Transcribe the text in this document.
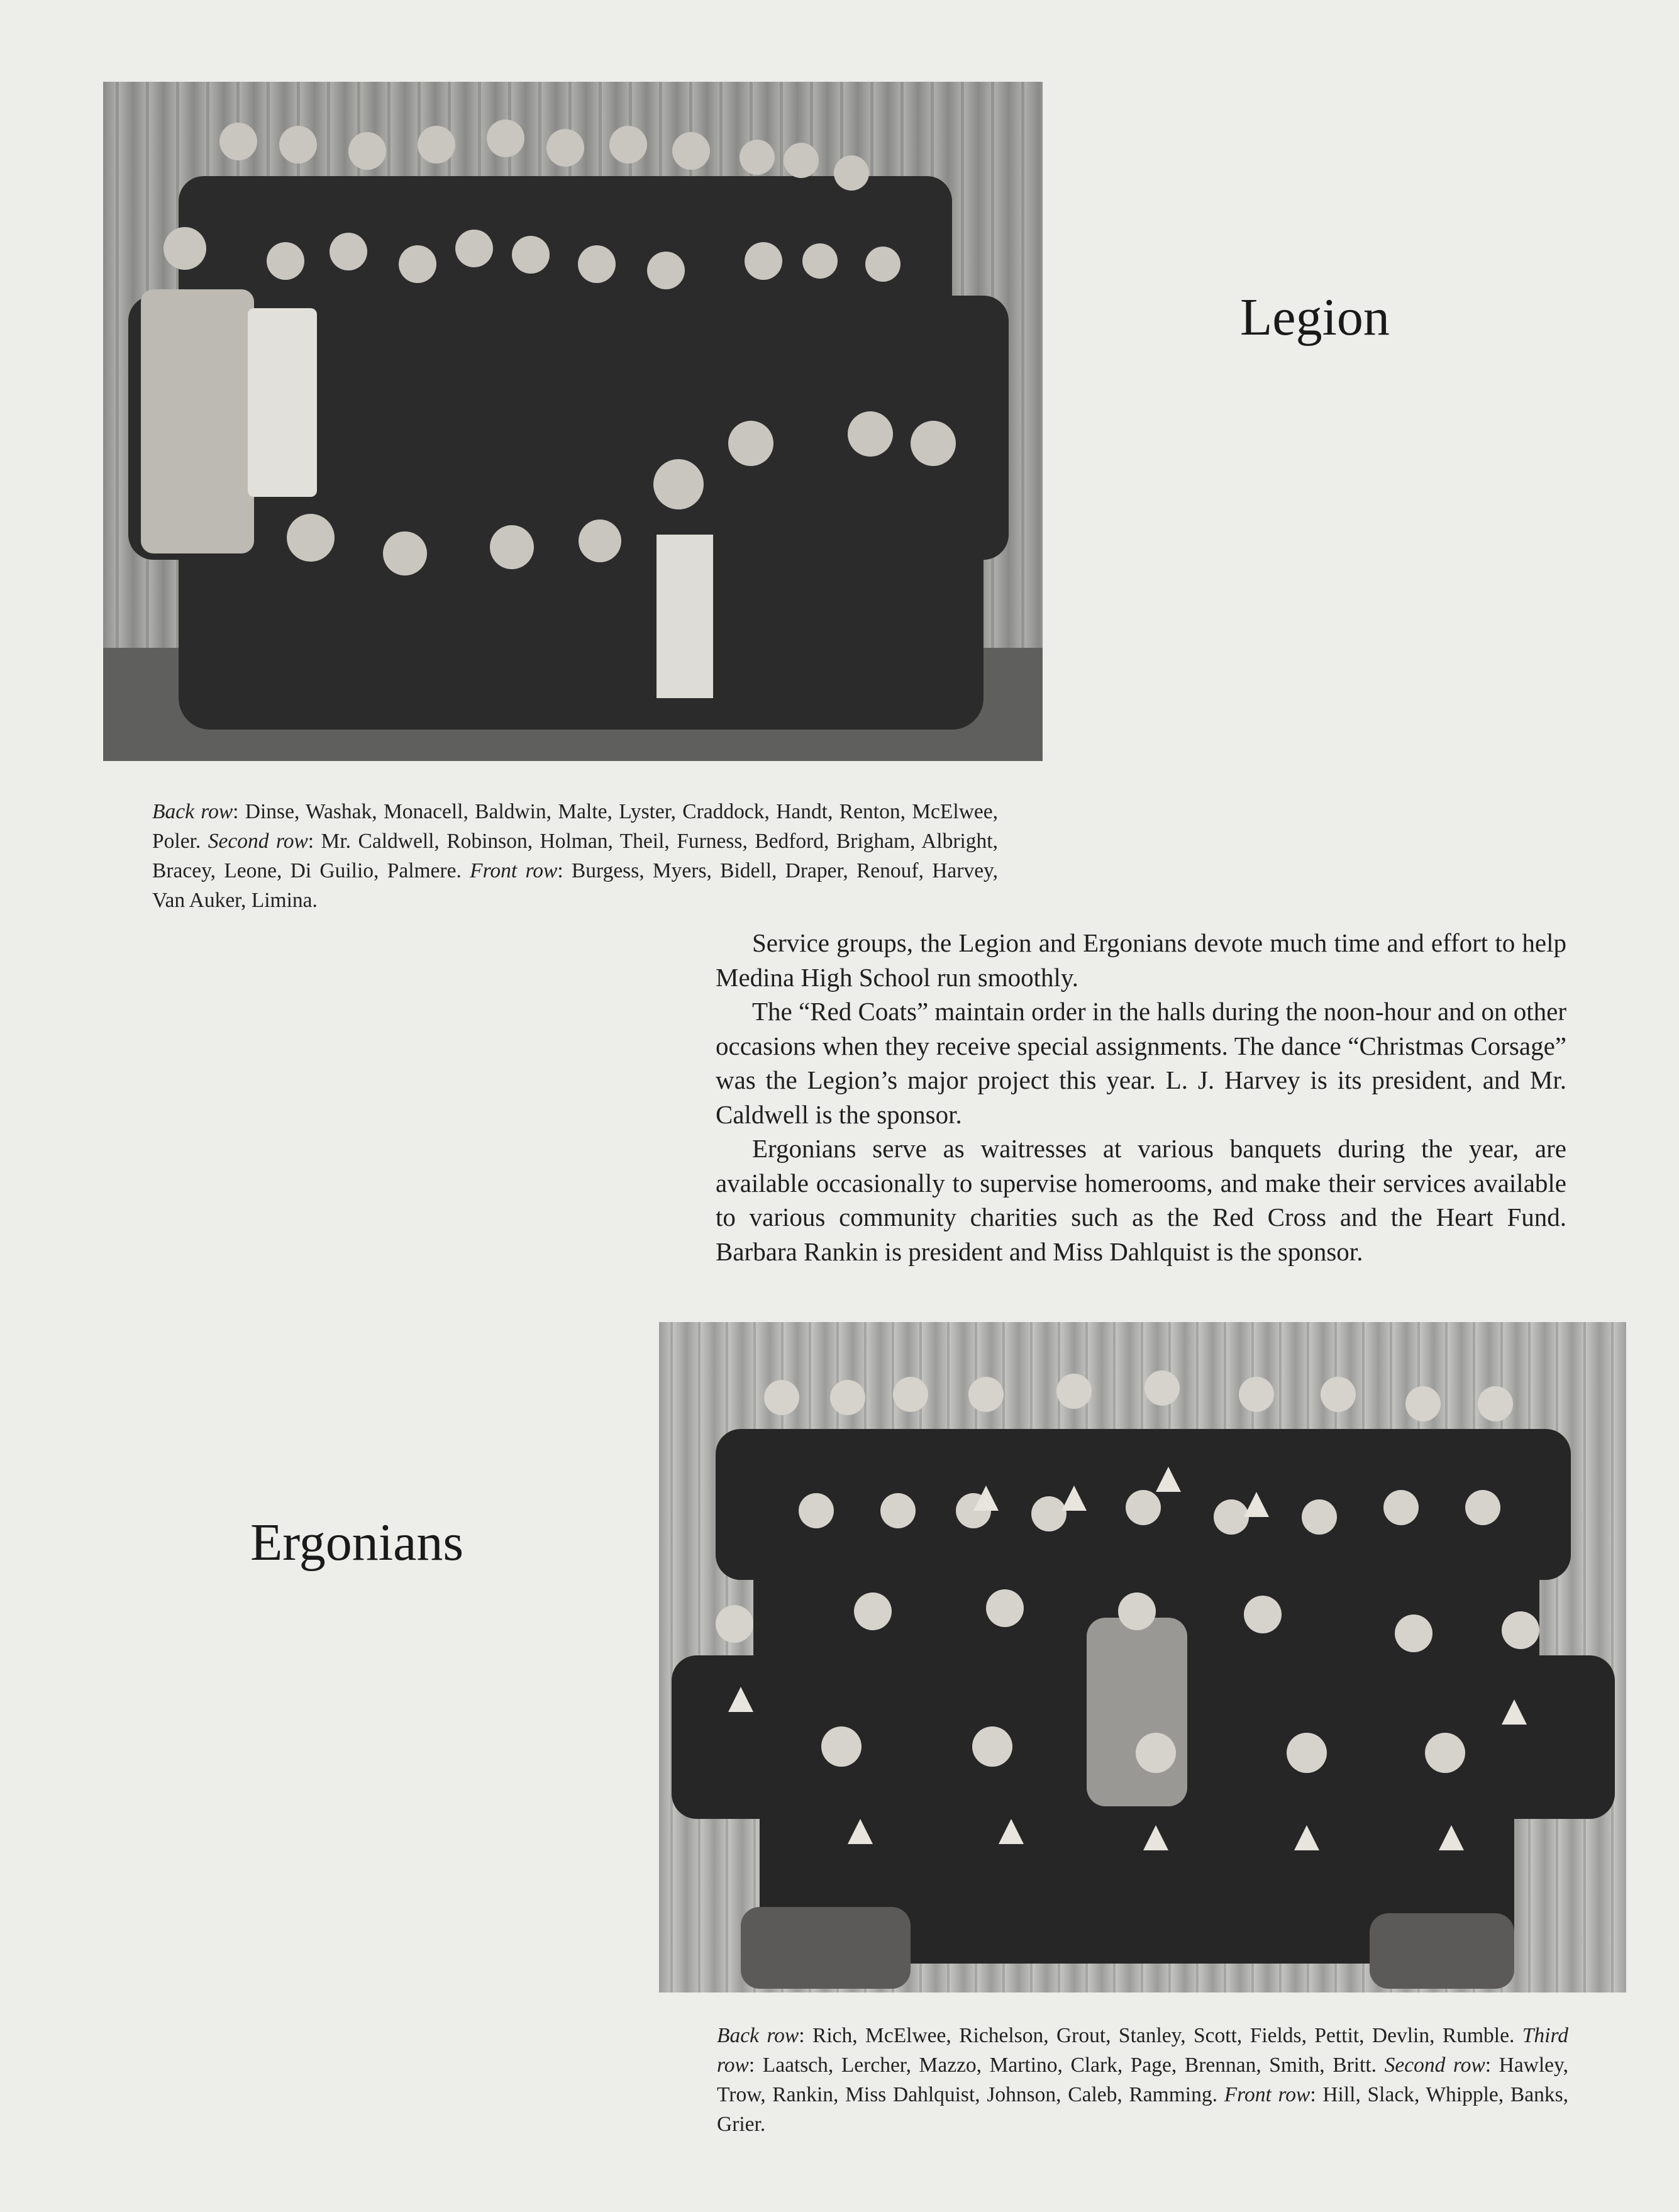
Legion

Back row: Dinse, Washak, Monacell, Baldwin, Malte, Lyster, Craddock, Handt, Renton, McElwee, Poler. Second row: Mr. Caldwell, Robinson, Holman, Theil, Furness, Bedford, Brigham, Albright, Bracey, Leone, Di Guilio, Palmere. Front row: Burgess, Myers, Bidell, Draper, Renouf, Harvey, Van Auker, Limina.

Service groups, the Legion and Ergonians devote much time and effort to help Medina High School run smoothly.

The “Red Coats” maintain order in the halls during the noon-hour and on other occasions when they receive special assignments. The dance “Christmas Corsage” was the Legion’s major project this year. L. J. Harvey is its president, and Mr. Caldwell is the sponsor.

Ergonians serve as waitresses at various banquets during the year, are available occasionally to supervise homerooms, and make their services available to various community charities such as the Red Cross and the Heart Fund. Barbara Rankin is president and Miss Dahlquist is the sponsor.

Ergonians

Back row: Rich, McElwee, Richelson, Grout, Stanley, Scott, Fields, Pettit, Devlin, Rumble. Third row: Laatsch, Lercher, Mazzo, Martino, Clark, Page, Brennan, Smith, Britt. Second row: Hawley, Trow, Rankin, Miss Dahlquist, Johnson, Caleb, Ramming. Front row: Hill, Slack, Whipple, Banks, Grier.
